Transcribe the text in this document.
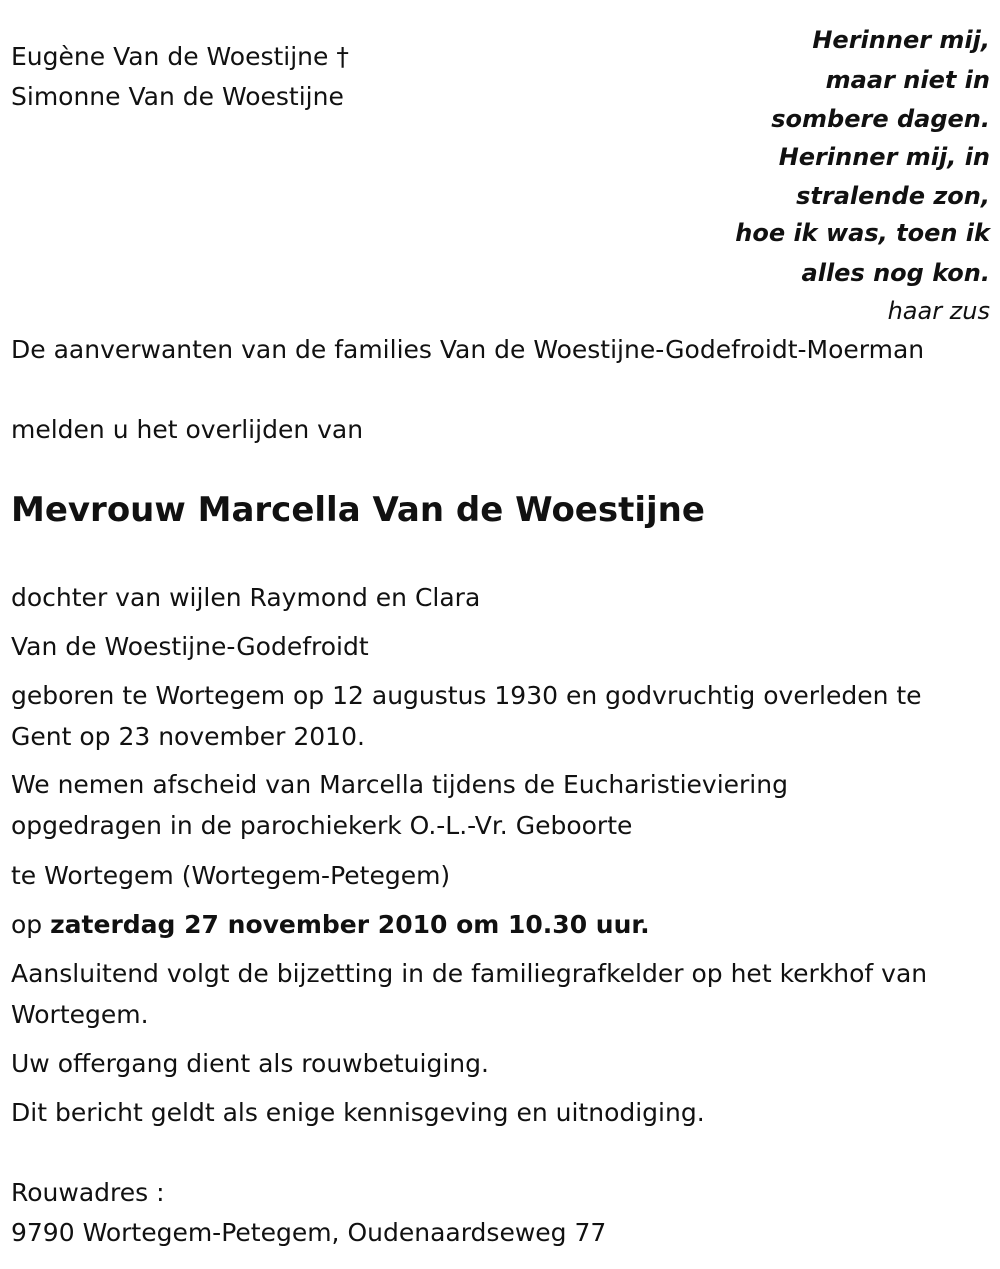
Eugène Van de Woestijne †
Simonne Van de Woestijne
Herinner mij,
maar niet in
sombere dagen.
Herinner mij, in
stralende zon,
hoe ik was, toen ik
alles nog kon.
haar zus
De aanverwanten van de families Van de Woestijne-Godefroidt-Moerman
melden u het overlijden van
Mevrouw Marcella Van de Woestijne
dochter van wijlen Raymond en Clara
Van de Woestijne-Godefroidt
geboren te Wortegem op 12 augustus 1930 en godvruchtig overleden te
Gent op 23 november 2010.
We nemen afscheid van Marcella tijdens de Eucharistieviering
opgedragen in de parochiekerk O.-L.-Vr. Geboorte
te Wortegem (Wortegem-Petegem)
op zaterdag 27 november 2010 om 10.30 uur.
Aansluitend volgt de bijzetting in de familiegrafkelder op het kerkhof van
Wortegem.
Uw offergang dient als rouwbetuiging.
Dit bericht geldt als enige kennisgeving en uitnodiging.
Rouwadres :
9790 Wortegem-Petegem, Oudenaardseweg 77
